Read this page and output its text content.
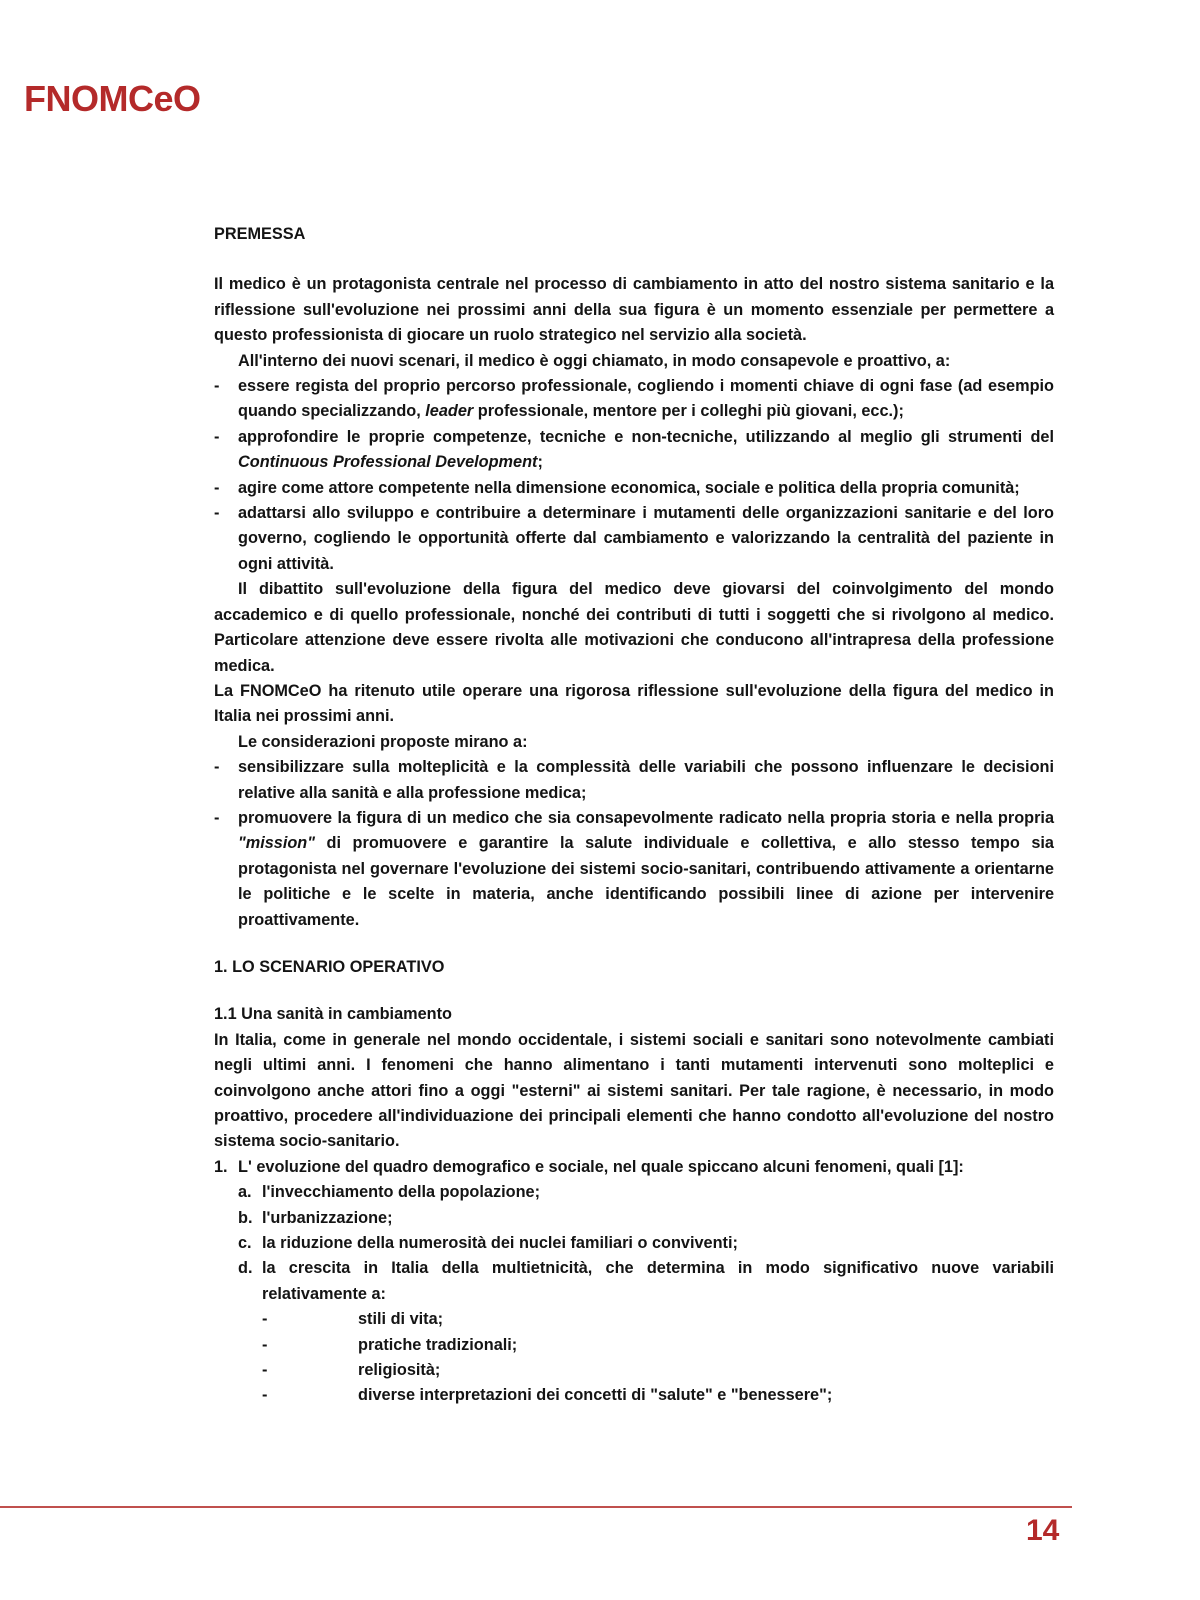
FNOMCeO

PREMESSA

Il medico è un protagonista centrale nel processo di cambiamento in atto del nostro sistema sanitario e la riflessione sull'evoluzione nei prossimi anni della sua figura è un momento essenziale per permettere a questo professionista di giocare un ruolo strategico nel servizio alla società.

All'interno dei nuovi scenari, il medico è oggi chiamato, in modo consapevole e proattivo, a:

- essere regista del proprio percorso professionale, cogliendo i momenti chiave di ogni fase (ad esempio quando specializzando, leader professionale, mentore per i colleghi più giovani, ecc.);
- approfondire le proprie competenze, tecniche e non-tecniche, utilizzando al meglio gli strumenti del Continuous Professional Development;
- agire come attore competente nella dimensione economica, sociale e politica della propria comunità;
- adattarsi allo sviluppo e contribuire a determinare i mutamenti delle organizzazioni sanitarie e del loro governo, cogliendo le opportunità offerte dal cambiamento e valorizzando la centralità del paziente in ogni attività.

Il dibattito sull'evoluzione della figura del medico deve giovarsi del coinvolgimento del mondo accademico e di quello professionale, nonché dei contributi di tutti i soggetti che si rivolgono al medico. Particolare attenzione deve essere rivolta alle motivazioni che conducono all'intrapresa della professione medica.

La FNOMCeO ha ritenuto utile operare una rigorosa riflessione sull'evoluzione della figura del medico in Italia nei prossimi anni.

Le considerazioni proposte mirano a:

- sensibilizzare sulla molteplicità e la complessità delle variabili che possono influenzare le decisioni relative alla sanità e alla professione medica;
- promuovere la figura di un medico che sia consapevolmente radicato nella propria storia e nella propria "mission" di promuovere e garantire la salute individuale e collettiva, e allo stesso tempo sia protagonista nel governare l'evoluzione dei sistemi socio-sanitari, contribuendo attivamente a orientarne le politiche e le scelte in materia, anche identificando possibili linee di azione per intervenire proattivamente.

1. LO SCENARIO OPERATIVO

1.1 Una sanità in cambiamento

In Italia, come in generale nel mondo occidentale, i sistemi sociali e sanitari sono notevolmente cambiati negli ultimi anni. I fenomeni che hanno alimentano i tanti mutamenti intervenuti sono molteplici e coinvolgono anche attori fino a oggi "esterni" ai sistemi sanitari. Per tale ragione, è necessario, in modo proattivo, procedere all'individuazione dei principali elementi che hanno condotto all'evoluzione del nostro sistema socio-sanitario.

1. L' evoluzione del quadro demografico e sociale, nel quale spiccano alcuni fenomeni, quali [1]:
a. l'invecchiamento della popolazione;
b. l'urbanizzazione;
c. la riduzione della numerosità dei nuclei familiari o conviventi;
d. la crescita in Italia della multietnicità, che determina in modo significativo nuove variabili relativamente a:
-	stili di vita;
-	pratiche tradizionali;
-	religiosità;
-	diverse interpretazioni dei concetti di "salute" e "benessere";
14
